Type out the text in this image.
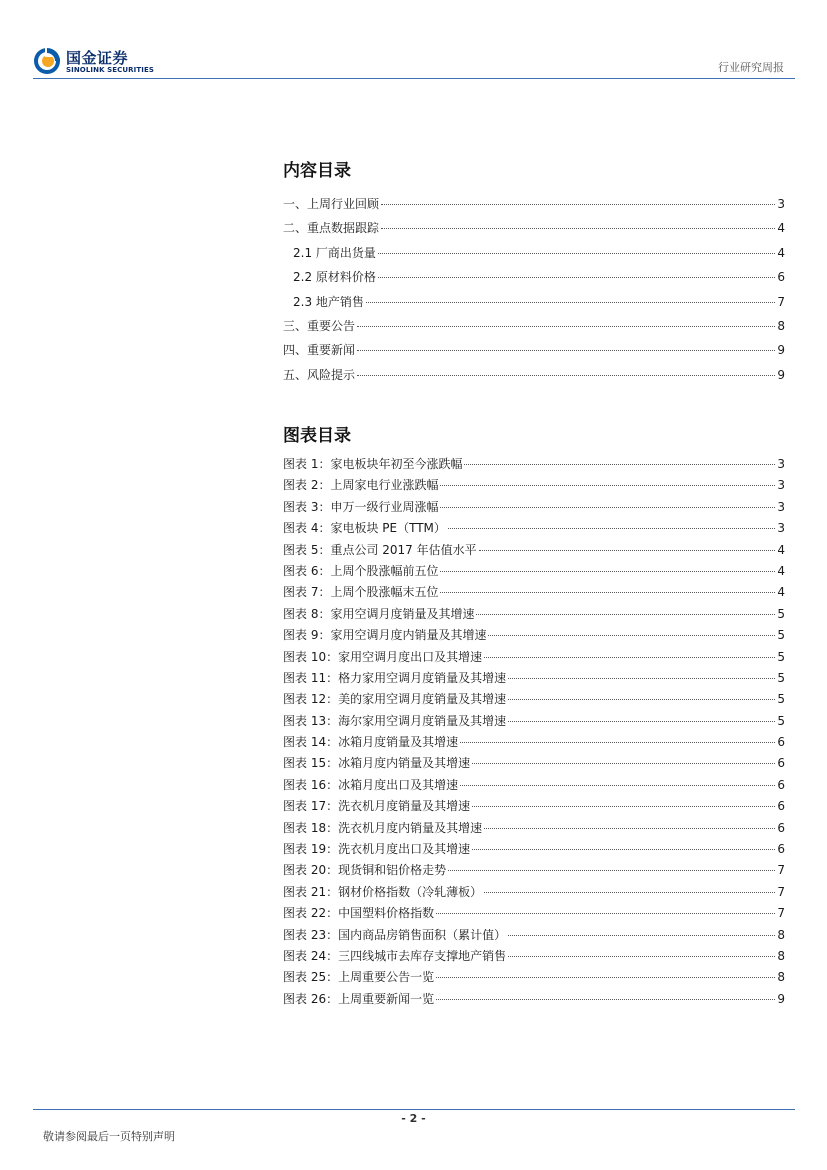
国金证券
SINOLINK SECURITIES	行业研究周报
内容目录
一、上周行业回顾	3
二、重点数据跟踪	4
2.1 厂商出货量	4
2.2 原材料价格	6
2.3 地产销售	7
三、重要公告	8
四、重要新闻	9
五、风险提示	9
图表目录
图表 1：家电板块年初至今涨跌幅	3
图表 2：上周家电行业涨跌幅	3
图表 3：申万一级行业周涨幅	3
图表 4：家电板块 PE（TTM）	3
图表 5：重点公司 2017 年估值水平	4
图表 6：上周个股涨幅前五位	4
图表 7：上周个股涨幅末五位	4
图表 8：家用空调月度销量及其增速	5
图表 9：家用空调月度内销量及其增速	5
图表 10：家用空调月度出口及其增速	5
图表 11：格力家用空调月度销量及其增速	5
图表 12：美的家用空调月度销量及其增速	5
图表 13：海尔家用空调月度销量及其增速	5
图表 14：冰箱月度销量及其增速	6
图表 15：冰箱月度内销量及其增速	6
图表 16：冰箱月度出口及其增速	6
图表 17：洗衣机月度销量及其增速	6
图表 18：洗衣机月度内销量及其增速	6
图表 19：洗衣机月度出口及其增速	6
图表 20：现货铜和铝价格走势	7
图表 21：钢材价格指数（冷轧薄板）	7
图表 22：中国塑料价格指数	7
图表 23：国内商品房销售面积（累计值）	8
图表 24：三四线城市去库存支撑地产销售	8
图表 25：上周重要公告一览	8
图表 26：上周重要新闻一览	9
- 2 -
敬请参阅最后一页特别声明
